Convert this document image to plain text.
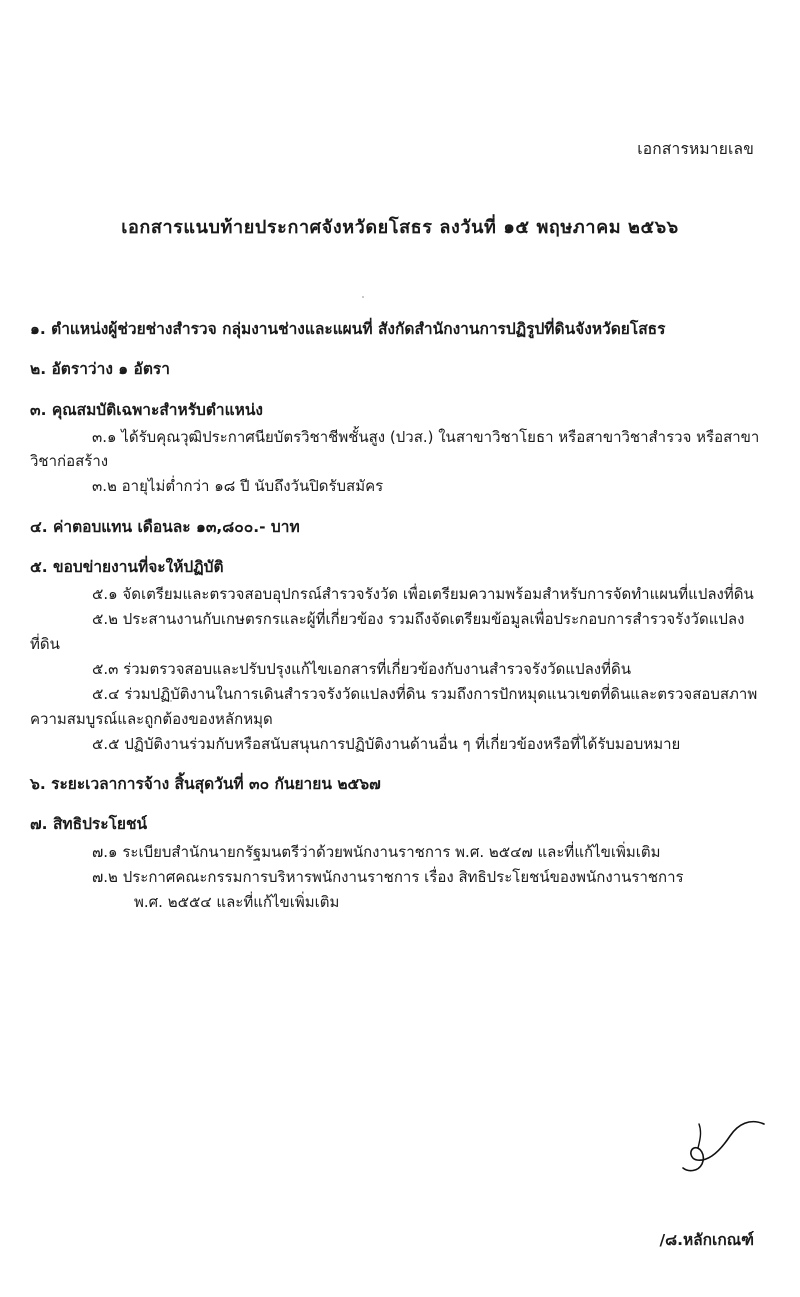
เอกสารหมายเลข
เอกสารแนบท้ายประกาศจังหวัดยโสธร ลงวันที่ ๑๕ พฤษภาคม ๒๕๖๖
๑. ตำแหน่งผู้ช่วยช่างสำรวจ กลุ่มงานช่างและแผนที่ สังกัดสำนักงานการปฏิรูปที่ดินจังหวัดยโสธร
๒. อัตราว่าง ๑ อัตรา
๓. คุณสมบัติเฉพาะสำหรับตำแหน่ง
๓.๑ ได้รับคุณวุฒิประกาศนียบัตรวิชาชีพชั้นสูง (ปวส.) ในสาขาวิชาโยธา หรือสาขาวิชาสำรวจ หรือสาขาวิชาก่อสร้าง
๓.๒ อายุไม่ต่ำกว่า ๑๘ ปี นับถึงวันปิดรับสมัคร
๔. ค่าตอบแทน เดือนละ ๑๓,๘๐๐.- บาท
๕. ขอบข่ายงานที่จะให้ปฏิบัติ
๕.๑ จัดเตรียมและตรวจสอบอุปกรณ์สำรวจรังวัด เพื่อเตรียมความพร้อมสำหรับการจัดทำแผนที่แปลงที่ดิน
๕.๒ ประสานงานกับเกษตรกรและผู้ที่เกี่ยวข้อง รวมถึงจัดเตรียมข้อมูลเพื่อประกอบการสำรวจรังวัดแปลงที่ดิน
๕.๓ ร่วมตรวจสอบและปรับปรุงแก้ไขเอกสารที่เกี่ยวข้องกับงานสำรวจรังวัดแปลงที่ดิน
๕.๔ ร่วมปฏิบัติงานในการเดินสำรวจรังวัดแปลงที่ดิน รวมถึงการปักหมุดแนวเขตที่ดินและตรวจสอบสภาพความสมบูรณ์และถูกต้องของหลักหมุด
๕.๕ ปฏิบัติงานร่วมกับหรือสนับสนุนการปฏิบัติงานด้านอื่น ๆ ที่เกี่ยวข้องหรือที่ได้รับมอบหมาย
๖. ระยะเวลาการจ้าง สิ้นสุดวันที่ ๓๐ กันยายน ๒๕๖๗
๗. สิทธิประโยชน์
๗.๑ ระเบียบสำนักนายกรัฐมนตรีว่าด้วยพนักงานราชการ พ.ศ. ๒๕๔๗ และที่แก้ไขเพิ่มเติม
๗.๒ ประกาศคณะกรรมการบริหารพนักงานราชการ เรื่อง สิทธิประโยชน์ของพนักงานราชการ
พ.ศ. ๒๕๕๔ และที่แก้ไขเพิ่มเติม
/๘.หลักเกณฑ์
